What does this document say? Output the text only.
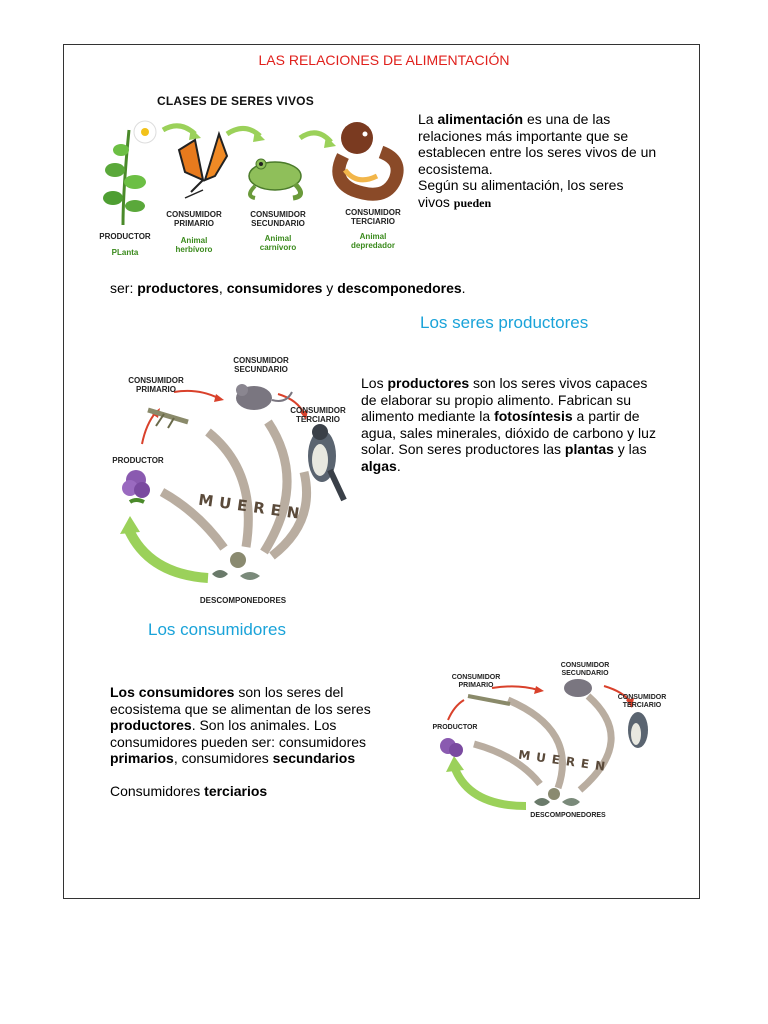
LAS RELACIONES DE ALIMENTACIÓN
CLASES DE SERES VIVOS
PRODUCTOR
PLanta
CONSUMIDOR PRIMARIO
Animal herbívoro
CONSUMIDOR SECUNDARIO
Animal carnívoro
CONSUMIDOR TERCIARIO
Animal depredador
La alimentación es una de las relaciones más importante que se establecen entre los seres vivos de un ecosistema.
Según su alimentación, los seres vivos pueden
ser: productores, consumidores y descomponedores.
Los seres productores
CONSUMIDOR SECUNDARIO
CONSUMIDOR PRIMARIO
CONSUMIDOR TERCIARIO
PRODUCTOR
MUEREN
DESCOMPONEDORES
Los productores son los seres vivos capaces de elaborar su propio alimento. Fabrican su alimento mediante la fotosíntesis a partir de agua, sales minerales, dióxido de carbono y luz solar. Son seres productores las plantas y las algas.
Los consumidores
Los consumidores son los seres del ecosistema que se alimentan de los seres productores. Son los animales. Los consumidores pueden ser: consumidores primarios, consumidores secundarios

Consumidores terciarios
CONSUMIDOR SECUNDARIO
CONSUMIDOR PRIMARIO
CONSUMIDOR TERCIARIO
PRODUCTOR
MUEREN
DESCOMPONEDORES
